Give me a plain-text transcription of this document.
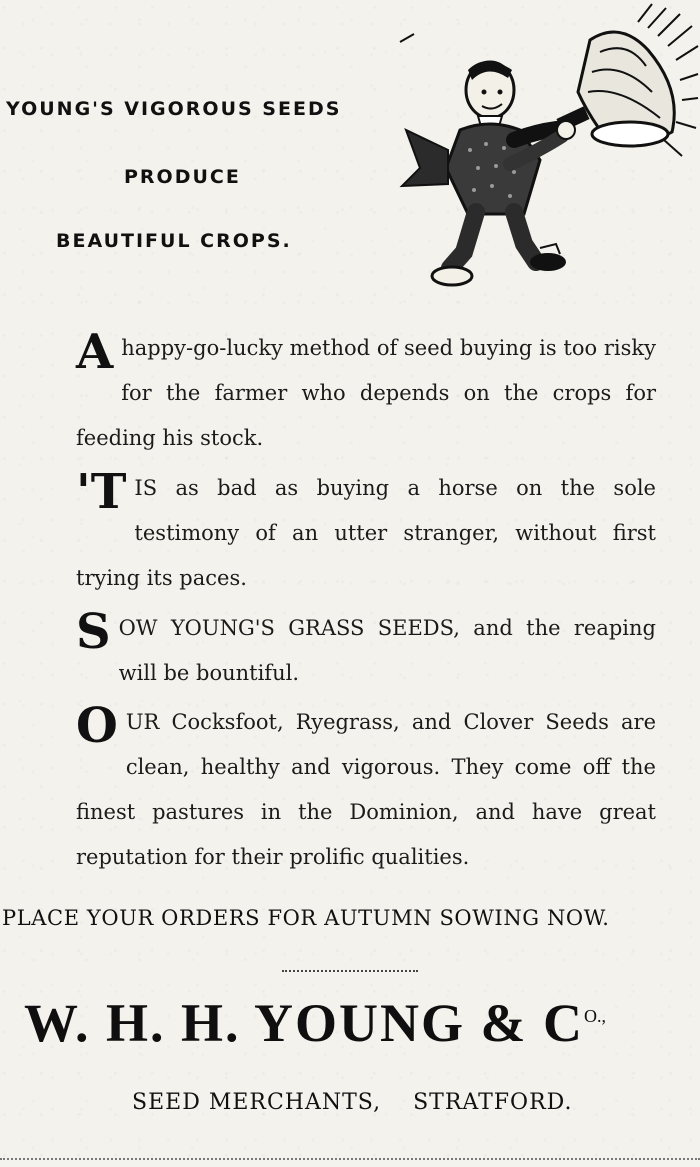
YOUNG'S VIGOROUS SEEDS
PRODUCE
BEAUTIFUL CROPS.
A happy-go-lucky method of seed buying is too risky for the farmer who depends on the crops for feeding his stock.
'T IS as bad as buying a horse on the sole testimony of an utter stranger, without first trying its paces.
S OW YOUNG'S GRASS SEEDS, and the reaping will be bountiful.
O UR Cocksfoot, Ryegrass, and Clover Seeds are clean, healthy and vigorous. They come off the finest pastures in the Dominion, and have great reputation for their prolific qualities.
PLACE YOUR ORDERS FOR AUTUMN SOWING NOW.
W. H. H. YOUNG & $C^{O.,}$
SEED MERCHANTS, STRATFORD.
